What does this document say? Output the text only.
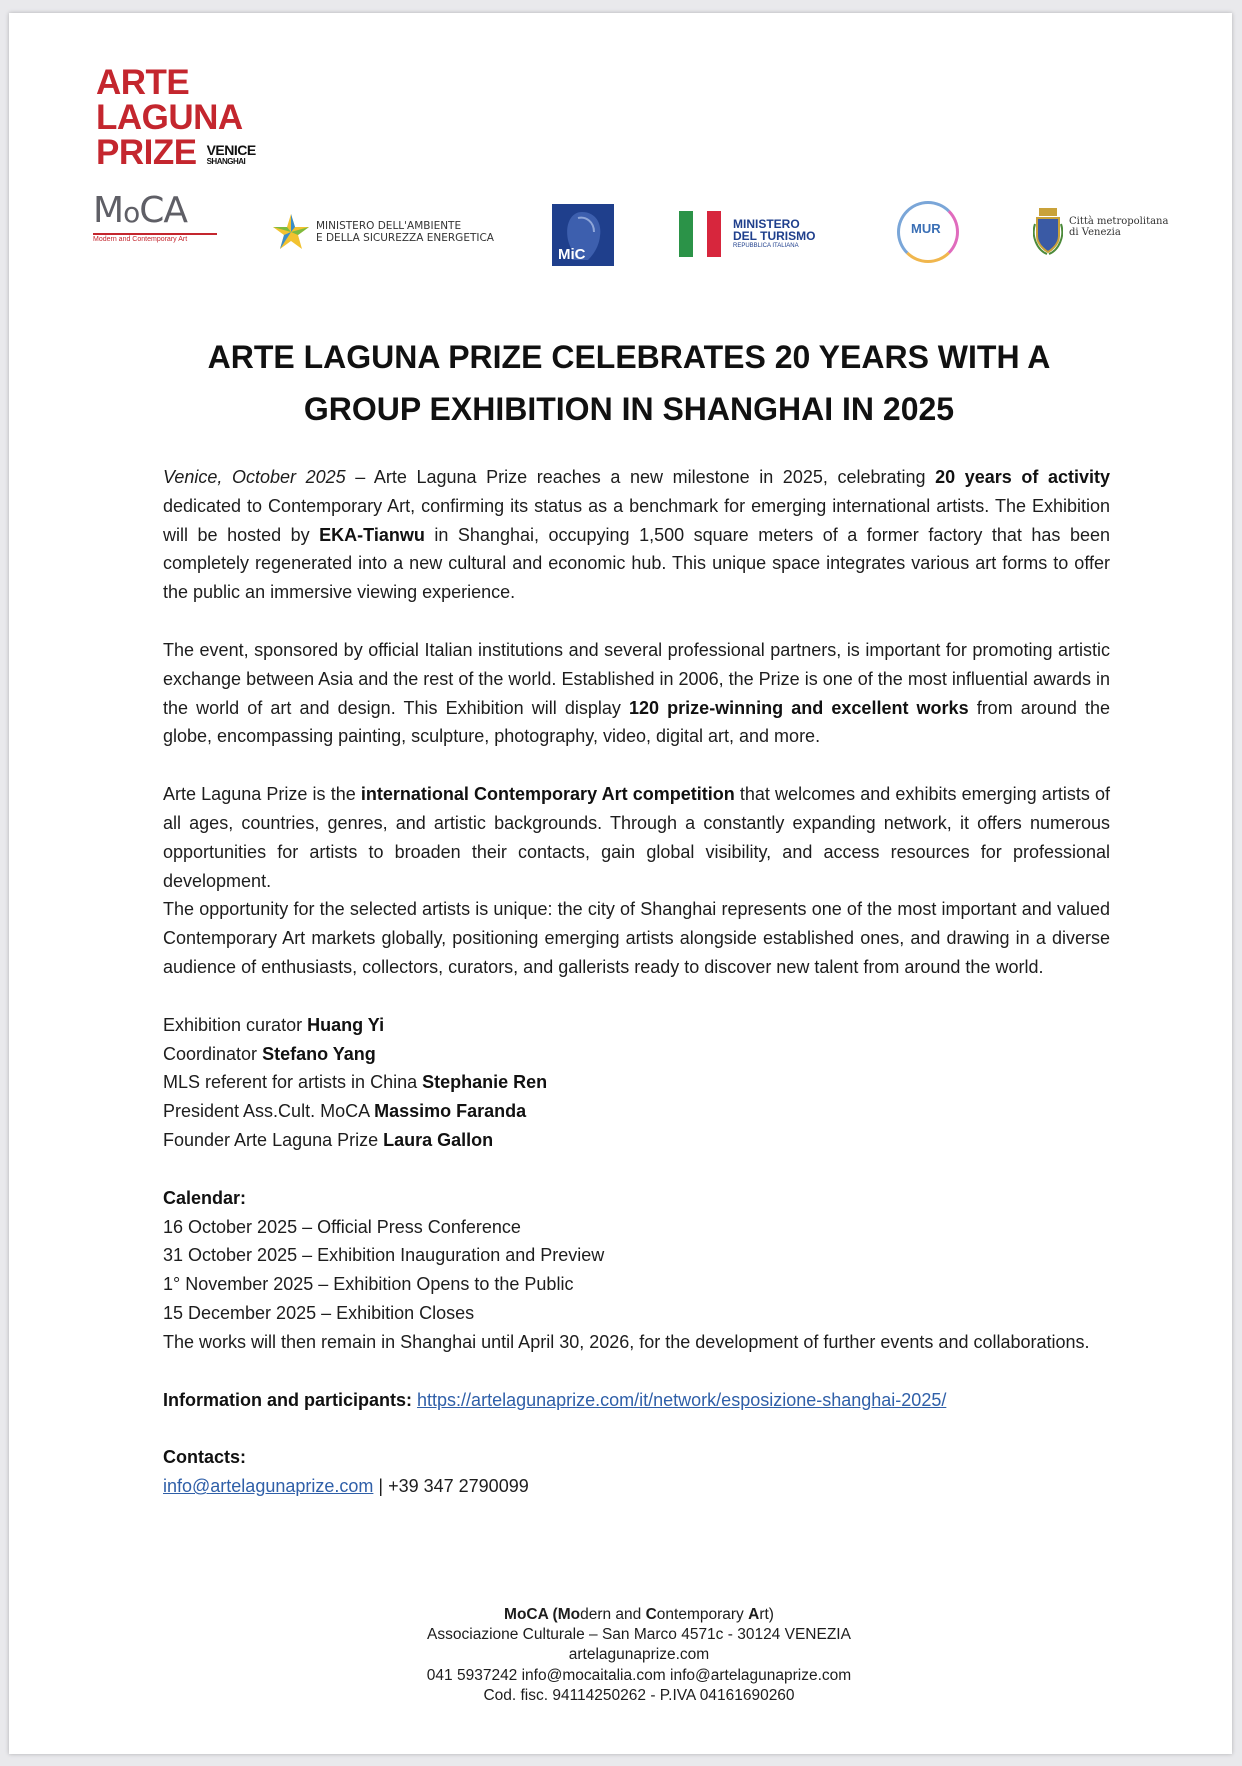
ARTE
LAGUNA
PRIZE VENICE
SHANGHAI
MoCA
Modern and Contemporary Art
MINISTERO DELL'AMBIENTE
E DELLA SICUREZZA ENERGETICA
MiC
MINISTERO
DEL TURISMO
REPUBBLICA ITALIANA
MUR	Città metropolitana
di Venezia
ARTE LAGUNA PRIZE CELEBRATES 20 YEARS WITH A
GROUP EXHIBITION IN SHANGHAI IN 2025

Venice, October 2025 – Arte Laguna Prize reaches a new milestone in 2025, celebrating 20 years of activity dedicated to Contemporary Art, confirming its status as a benchmark for emerging international artists. The Exhibition will be hosted by EKA-Tianwu in Shanghai, occupying 1,500 square meters of a former factory that has been completely regenerated into a new cultural and economic hub. This unique space integrates various art forms to offer the public an immersive viewing experience.

The event, sponsored by official Italian institutions and several professional partners, is important for promoting artistic exchange between Asia and the rest of the world. Established in 2006, the Prize is one of the most influential awards in the world of art and design. This Exhibition will display 120 prize-winning and excellent works from around the globe, encompassing painting, sculpture, photography, video, digital art, and more.

Arte Laguna Prize is the international Contemporary Art competition that welcomes and exhibits emerging artists of all ages, countries, genres, and artistic backgrounds. Through a constantly expanding network, it offers numerous opportunities for artists to broaden their contacts, gain global visibility, and access resources for professional development.

The opportunity for the selected artists is unique: the city of Shanghai represents one of the most important and valued Contemporary Art markets globally, positioning emerging artists alongside established ones, and drawing in a diverse audience of enthusiasts, collectors, curators, and gallerists ready to discover new talent from around the world.

Exhibition curator Huang Yi
Coordinator Stefano Yang
MLS referent for artists in China Stephanie Ren
President Ass.Cult. MoCA Massimo Faranda
Founder Arte Laguna Prize Laura Gallon
Calendar:
16 October 2025 – Official Press Conference
31 October 2025 – Exhibition Inauguration and Preview
1° November 2025 – Exhibition Opens to the Public
15 December 2025 – Exhibition Closes

The works will then remain in Shanghai until April 30, 2026, for the development of further events and collaborations.

Information and participants: https://artelagunaprize.com/it/network/esposizione-shanghai-2025/
Contacts:
info@artelagunaprize.com | +39 347 2790099
MoCA (Modern and Contemporary Art)
Associazione Culturale – San Marco 4571c - 30124 VENEZIA
artelagunaprize.com
041 5937242 info@mocaitalia.com info@artelagunaprize.com
Cod. fisc. 94114250262 - P.IVA 04161690260
